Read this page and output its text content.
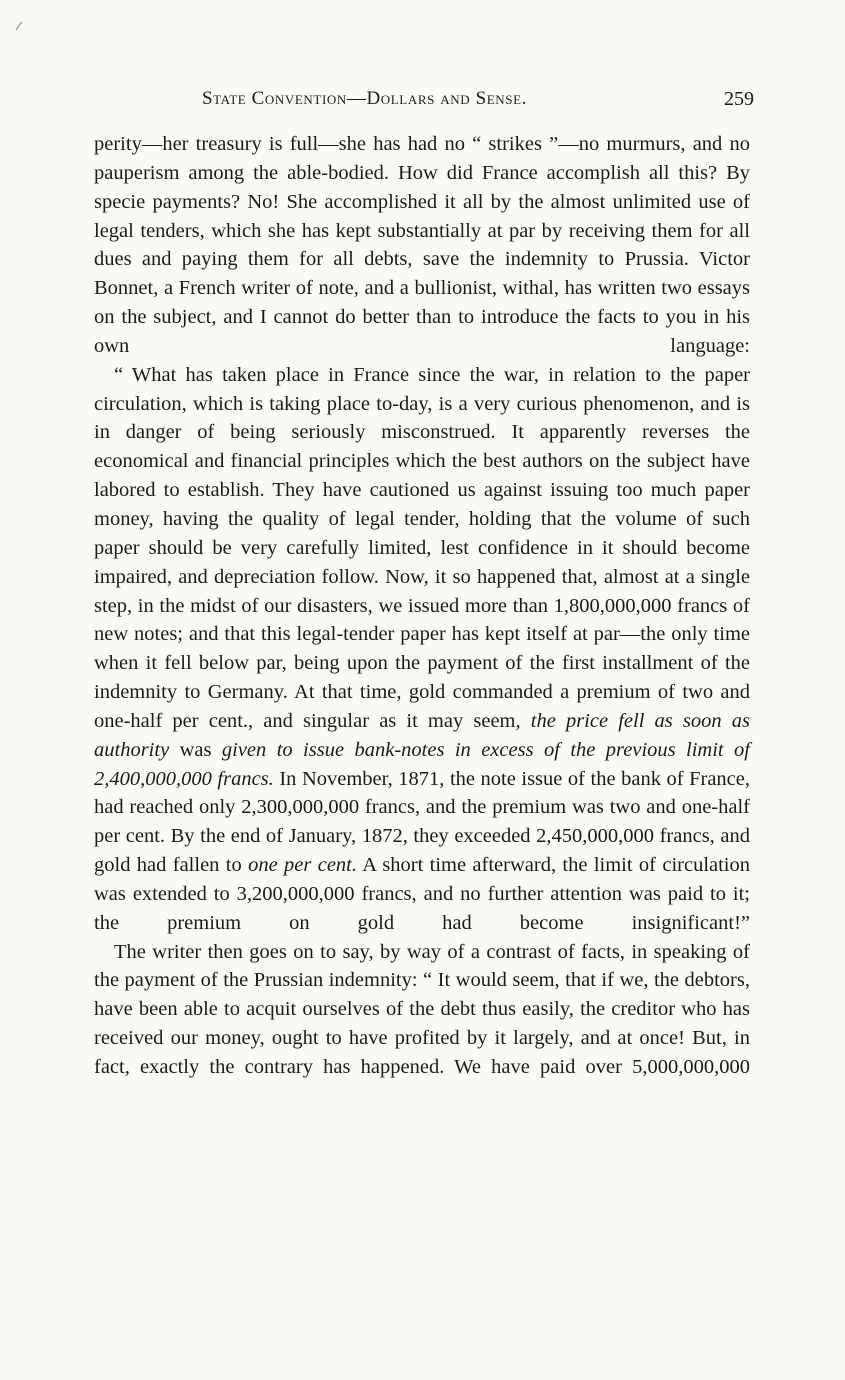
State Convention—Dollars and Sense.	259

perity—her treasury is full—she has had no “ strikes ”—no murmurs, and no pauperism among the able-bodied. How did France accomplish all this? By specie payments? No! She accomplished it all by the almost unlimited use of legal tenders, which she has kept substantially at par by receiving them for all dues and paying them for all debts, save the indemnity to Prussia. Victor Bonnet, a French writer of note, and a bullionist, withal, has written two essays on the subject, and I cannot do better than to introduce the facts to you in his own language:

“ What has taken place in France since the war, in relation to the paper circulation, which is taking place to-day, is a very curious phenomenon, and is in danger of being seriously misconstrued. It apparently reverses the economical and financial principles which the best authors on the subject have labored to establish. They have cautioned us against issuing too much paper money, having the quality of legal tender, holding that the volume of such paper should be very carefully limited, lest confidence in it should become impaired, and depreciation follow. Now, it so happened that, almost at a single step, in the midst of our disasters, we issued more than 1,800,000,000 francs of new notes; and that this legal-tender paper has kept itself at par—the only time when it fell below par, being upon the payment of the first installment of the indemnity to Germany. At that time, gold commanded a premium of two and one-half per cent., and singular as it may seem, the price fell as soon as authority was given to issue bank-notes in excess of the previous limit of 2,400,000,000 francs. In November, 1871, the note issue of the bank of France, had reached only 2,300,000,000 francs, and the premium was two and one-half per cent. By the end of January, 1872, they exceeded 2,450,000,000 francs, and gold had fallen to one per cent. A short time afterward, the limit of circulation was extended to 3,200,000,000 francs, and no further attention was paid to it; the premium on gold had become insignificant!”

The writer then goes on to say, by way of a contrast of facts, in speaking of the payment of the Prussian indemnity: “ It would seem, that if we, the debtors, have been able to acquit ourselves of the debt thus easily, the creditor who has received our money, ought to have profited by it largely, and at once! But, in fact, exactly the contrary has happened. We have paid over 5,000,000,000
